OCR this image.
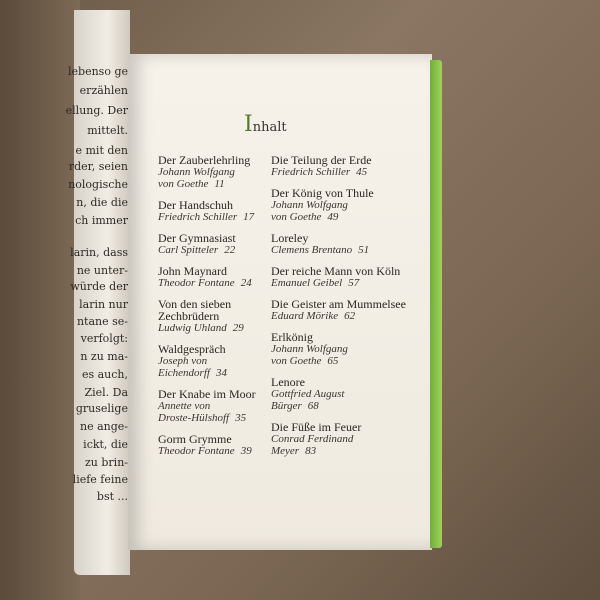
lebenso ge
erzählen
ellung. Der
mittelt.
e mit den
rder, seien
nologische
n, die die
ch immer
larin, dass
ne unter-
würde der
larin nur
ntane se-
verfolgt:
n zu ma-
es auch,
Ziel. Da
gruselige
ne ange-
ickt, die
zu brin-
liefe feine
bst ...
Inhalt
Der Zauberlehrling
Johann Wolfgang
von Goethe 11
Der Handschuh
Friedrich Schiller 17
Der Gymnasiast
Carl Spitteler 22
John Maynard
Theodor Fontane 24
Von den sieben Zechbrüdern
Ludwig Uhland 29
Waldgespräch
Joseph von
Eichendorff 34
Der Knabe im Moor
Annette von
Droste-Hülshoff 35
Gorm Grymme
Theodor Fontane 39
Die Teilung der Erde
Friedrich Schiller 45
Der König von Thule
Johann Wolfgang
von Goethe 49
Loreley
Clemens Brentano 51
Der reiche Mann von Köln
Emanuel Geibel 57
Die Geister am Mummelsee
Eduard Mörike 62
Erlkönig
Johann Wolfgang
von Goethe 65
Lenore
Gottfried August
Bürger 68
Die Füße im Feuer
Conrad Ferdinand
Meyer 83
